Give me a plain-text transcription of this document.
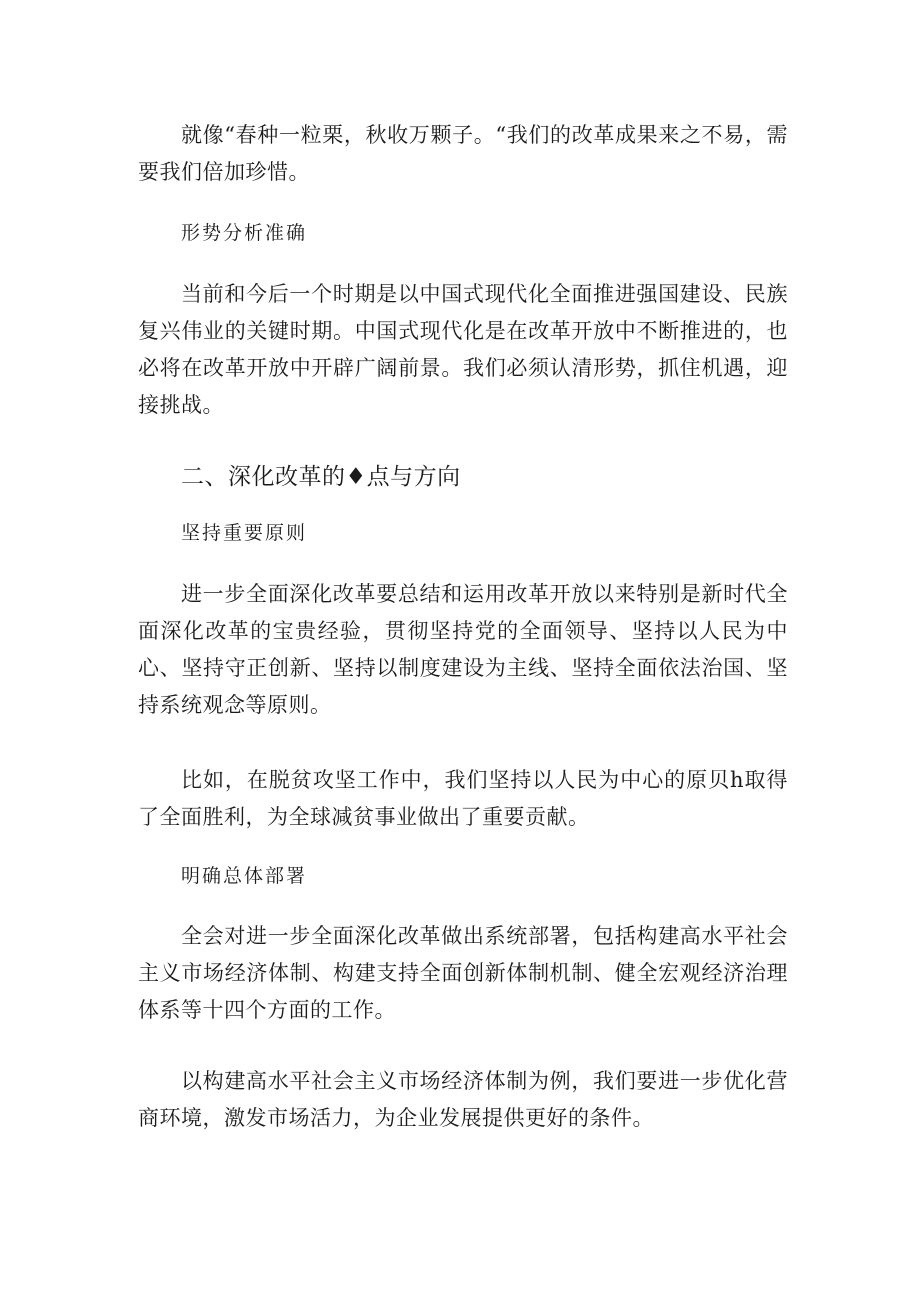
就像“春种一粒栗，秋收万颗子。“我们的改革成果来之不易，需要我们倍加珍惜。

形势分析准确

当前和今后一个时期是以中国式现代化全面推进强国建设、民族复兴伟业的关键时期。中国式现代化是在改革开放中不断推进的，也必将在改革开放中开辟广阔前景。我们必须认清形势，抓住机遇，迎接挑战。

二、深化改革的♦点与方向

坚持重要原则

进一步全面深化改革要总结和运用改革开放以来特别是新时代全面深化改革的宝贵经验，贯彻坚持党的全面领导、坚持以人民为中心、坚持守正创新、坚持以制度建设为主线、坚持全面依法治国、坚持系统观念等原则。

比如，在脱贫攻坚工作中，我们坚持以人民为中心的原贝h取得了全面胜利，为全球减贫事业做出了重要贡献。

明确总体部署

全会对进一步全面深化改革做出系统部署，包括构建高水平社会主义市场经济体制、构建支持全面创新体制机制、健全宏观经济治理体系等十四个方面的工作。

以构建高水平社会主义市场经济体制为例，我们要进一步优化营商环境，激发市场活力，为企业发展提供更好的条件。
